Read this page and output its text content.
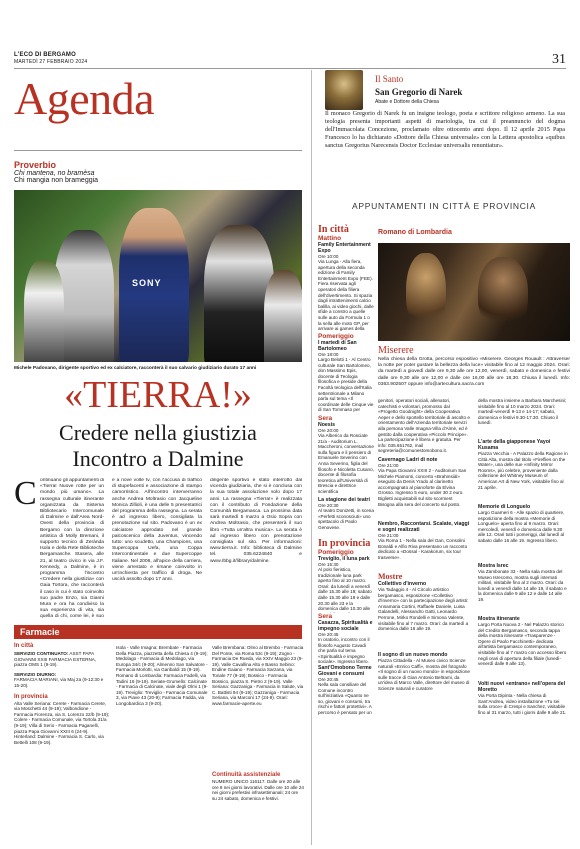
L'ECO DI BERGAMO
MARTEDÌ 27 FEBBRAIO 2024	31
Agenda
Proverbio
Chi mantena, no bramèsa
Chi mangia non brameggia
SONY
Michele Padovano, dirigente sportivo ed ex calciatore, racconterà il suo calvario giudiziario durato 17 anni
«TIERRA!»
Credere nella giustizia
Incontro a Dalmine
C ontinuano gli appuntamenti di «Tierra! Nuove rotte per un mondo più umano». La rassegna culturale itinerante organizzata da Sistema Bibliotecario Intercomunale di Dalmine e dall'Area Nord-Ovest della provincia di Bergamo con la direzione artistica di Molly Bremani, il supporto tecnico di Zerànda Isola e della Rete Biblioteche Bergamasche. Stasera, alle 21, al teatro civico in via J.F. Kennedy, a Dalmine, è in programma l'incontro «Credere nella giustizia» con Gaia Tortora, che racconterà il caso in cui è stato coinvolto suo padre Enzo, sia Gianni Mura e ora ha condiviso la sua esperienza di vita, sia quella di chi, come lei, è suo
e a nove volte tv, con l'accusa di traffico di stupefacenti e associazione di stampo camorristico. All'incontro interverranno anche Andrea Moltrasio con Jacqueline Monica Zillioli, è una delle 5 presentatrici del programma della rassegna. La serata è ad ingresso libero, consigliata la prenotazione sul sito. Padovano è un ex calciatore approdato nel grande palcoscenico della Juventus, vincendo tutto: uno scudetto, una Champions, una Supercoppa Uefa, una Coppa Intercontinentale e due Supercoppe Italiane. Nel 2006, all'apice della carriera, viene arrestato e rimane coinvolto in un'inchiesta per traffico di droga. Ne uscirà assolto dopo 17 anni.
dirigente sportivo è stato interrotto dal vicenda giudiziaria, che si è conclusa con la sua totale assoluzione solo dopo 17 anni. La rassegna «Tierra!» è realizzata con il contributo di Fondazione della Comunità Bergamasca. La prossima data sarà martedì 5 marzo a Osio Sopra con Andrea Moltrasio, che presenterà il suo libro «Tutta un'altra musica». La serata è ad ingresso libero con prenotazione consigliata sul sito. Per informazioni: www.tierra.it. Info: biblioteca di Dalmine tel. 035.6224840 e www.rbbg.it/library/dalmine.
Farmacie
In città
SERVIZIO CONTINUATO: ASST PAPA GIOVANNI XXIII FARMACIA ESTERNA, piazza OMS 1 (9-19).
SERVIZIO DIURNO:
FARMACIA MARIANI, via Maj 2a (9-12:30 e 15-20).
In provincia
Alta Valle Seriana: Cerete - Farmacia Cerete, via Moschetti 44 (9-19); Valbondione - Farmacia Fiorenza, via S. Lorenzo 22/b (9-19); Colere - Farmacia Comunale, via Tortola 31/a (9-19); Villa di Serio - Farmacia Paganelli, piazza Papa Giovanni XXIII 6 (24-9). Hinterland: Dalmine - Farmacia S. Carlo, via Bettelli 108 (9-19).
Isola - Valle Imagna: Brembate - Farmacia Della Piazza, piazzetta della Chiesa 4 (9-19); Medolago - Farmacia di Medolago, via Europa 34/c (9-20); Almenno San Salvatore - Farmacia Morlotti, via Garibaldi 15 (9-19). Romano di Lombardia: Farmacia Fadelli, via Tadini 16 (9-19). Seriate-Grumello: Calcinate - Farmacia di Calcinate, viale degli Olmi 1 (9-19). Treviglio: Treviglio - Farmacia Comunale 3, via Piave 43 (20-9); Farmacia Fadda, via Longobardica 3 (9-20).
Valle Brembana: Olmo al Brembo - Farmacia Del Ponte, via Roma 53c (9-19); Zogno - Farmacia De Rueda, via XXIV Maggio 23 (9-19). Valle Cavallina Alto e Basso Sebino: Endine Gaiano - Farmacia Sarzana, via Tonale 77 (9-19); Bossico - Farmacia Bossico, piazza S. Pietro 2 (9-19). Valle Seriana: Gazzaniga - Farmacia in Salute, via C. Battisti 94 (9-19); Gazzaniga - Farmacia Seriana, via Marconi 17 (24-9). Orari: www.farmacie-aperte.eu
Continuità assistenziale
NUMERO UNICO 116117. Dalle ore 20 alle ore 8 nei giorni lavorativi. Dalle ore 10 alle 24 nei giorni prefestivi infrasettimanali; 24 ore su 24 sabato, domenica e festivi.
Il Santo
San Gregorio di Narek
Abate e Dottore della Chiesa
Il monaco Gregorio di Narek fu un insigne teologo, poeta e scrittore religioso armeno. La sua teologia presenta importanti aspetti di mariologia, tra cui il preannuncio del dogma dell'Immacolata Concezione, proclamato oltre ottocento anni dopo. Il 12 aprile 2015 Papa Francesco lo ha dichiarato «Dottore della Chiesa universale» con la Lettera apostolica «quibus sanctus Gregorius Narecensis Doctor Ecclesiae universalis renuntiatur».
APPUNTAMENTI IN CITTÀ E PROVINCIA
In città
Mattino
Family Entertainment Expo
Ore 10:00
Via Lunga - Alla fiera, apertura della seconda edizione di Family Entertainment Expo (FEE). Fiera riservata agli operatori della filiera dell'divertimento. Si spazia dagli intrattenimenti calcio balilla, ai video giochi, dalle sfide a constro a quelle sulle auto da Formula 1 o la sella alle moto GP, per arrivare ai games della
Pomeriggio
I martedì di San Bartolomeo
Ore 18:00
Largo Belotti 1 - Al Centro culturale San Bartolomeo, don Massimo Epis, docente di Teologia filosofica e preside della Facoltà teologica dell'Italia settentrionale a Milano parla sul tema «Il coordinate delle Cinque vie di San Tommaso per
Sera
Noesis
Ore 20:00
Via Alberico da Rosciate 21/a - Auditorium L. Maccheroni, conversazione sulla figura e il pensiero di Emanuele Severino con Anna Severino, figlia del filosofo e Nicoletta Cusano, docente di filosofia teoretica all'Università di Brescia e direttrice scientifica
La stagione dei teatri
Ore 20:30
Al teatro Donizetti, in scena «Perfetti sconosciuti» uno spettacolo di Paolo Genovese.
In provincia
Pomeriggio
Treviglio, il luna park
Ore 15:30
Al polo fieristico, tradizionale luna park aperto fino al 10 marzo. Orari: da lunedì a venerdì dalle 15.30 alle 19; sabato dalle 15.30 alle 19 e dalle 20.30 alle 23 e la domenica dalle 10.30 alle
Sera
Casazza, Spiritualità e impegno sociale
Ore 20:45
In oratorio, incontro con il filosofo Augusto Cavadi che parla sul tema «Spiritualità e impegno sociale». Ingresso libero.
Sant'Omobono Terme Giovani e consumi
Ore 20:45
Nella sala consiliare del Comune incontro sull'iniziativa «Quanto ne so, giovani e consumi, tra rischi e fattori protettivi». A percorso è pensato per un
Romano di Lombardia
Miserere
Nella chiesa della Grotta, percorso espositivo «Miserere. Georges Rouault : Attraverser la notte per poter gustare la bellezza della luce» visitabile fino al 12 maggio 2024. Orari: da martedì a giovedì dalle ore 9,30 alle ore 12,00, venerdì, sabato e domenica e festivi dalle ore 9,30 alle ore 12,00 e dalle ore 16,00 alle ore 18,30. Chiusa il lunedì. Info: 0363.902507 oppure info@artecultura.sacra.com
genitori, operatori sociali, allenatori, catechisti e volontari, promosso dal «Progetto Goodnight» della Cooperativa Aeper e dello sportello territoriale di ascolto e orientamento dell'Azienda territoriale servizi alla persona Valle Imagna-Villa d'Almè, ed è gestito dalla cooperativa «Piccolo Principe». La partecipazione è libera e gratuita. Per info: 035.651762, mail segreteria@comunestomobono.it.
Cavernago Ladri di note
Ore 21:00
Via Papa Giovanni XXIII 2 - Auditorium San Michele Piamonti, concerto «Brahmsiàl» eseguito da Denis Yrado al clarinetto accompagnato al pianoforte da Elvina Grosso. Ingresso 5 euro, under 30 2 euro. Biglietti acquistabili sul sito scorment Bisogna alla sera del concerto sul posto.
Nembro, Raccontarsi. Scalate, viaggi e sogni realizzati
Ore 21:00
Via Roma 1 - Nella sala del Gan, Consolini Bonaldi e Alfio Riva presentano un racconto dedicato a «Dossal - Karakorum, six tour trasverse».
Mostre
Collettivo d'inverno
Via Tadaggio 4 - Al Circolo artistico bergamasco, esposizione «Collettivo d'inverno» con la partecipazione degli artisti: Annamaria Cortini, Raffaele Daniele, Luisa Galandelli, Alessandro Gatti, Leonardo Perrone, Mirko Rondelli e Simona Valente, visitabile fino al 7 marzo. Orari: da martedì a domenica dalle 16 alle 19.
Il sogno di un nuovo mondo
Piazza Cittadella - Al Museo civico Scienze naturali «Enrico Caffi», mostra del fotografo «Il sogno di un nuovo mondo» in esposizione sulle tracce di Gian Antonio Beltrami, da un'idea di Marco Valle, direttore del museo di Scienze naturali e curatore
della mostra insieme a Barbara Marchesini; visitabile fino al 10 marzo 2024. Orari: martedì-venerdì 9-13 e 14-17; sabato, domenica e festivi 9.30-17.30. Chiuso il lunedì.
L'arte della giapponese Yayoi Kusama
Piazza Vecchia - A Palazzo della Ragione in Città Alta, mostra dal titolo «Fireflies on the Water», una delle sue «Infinity Mirror Rooms», più celebre, proveniente dalla collezione del Whitney Museum of American Art di New York, visitabile fino al 21 aprile.
Memorie di Longuelo
Largo Guarneri 6 - Alle spazio di quartiere, esposizione della mostra «Memorie di Longuelo» aperta fino al 9 marzo. Orari: mercoledì, venerdì e domenica dalle 9.30 alle 12. Orari tutti i pomeriggi, dal lunedì al sabato dalle 16 alle 19. Ingresso libero.
Mostra Isrec
Via Zambonate 33 - Nella sala mostra del Museo Isrecomo, mostra sugli internati militari, visitabile fino al 2 marzo. Orari: da lunedì a venerdì dalle 14 alle 19, il sabato e la domenica dalle 9 alle 12 e dalle 14 alle 19.
Mostra itinerante
Largo Porta Nuova 2 - Nel Palazzo storico del Credito Bergamasco, seconda tappa della mostra itinerante «Trasparenze - Opere di Paolo Facchinetti» dedicata all'artista bergamasco contemporaneo, visitabile fino al 7 marzo con accesso libero negli orari di apertura della filiale (lunedì-venerdì dalle 9 alle 13).
Volti nuovi «entrano» nell'opera del Moretto
Via Porta Dipinta - Nella chiesa di Sant'Andrea, video installazione «Tu sei sulla croce» di Crespi e Sanchez, visitabile fino al 31 marzo, tutti i giorni dalle 9 alle 21.
